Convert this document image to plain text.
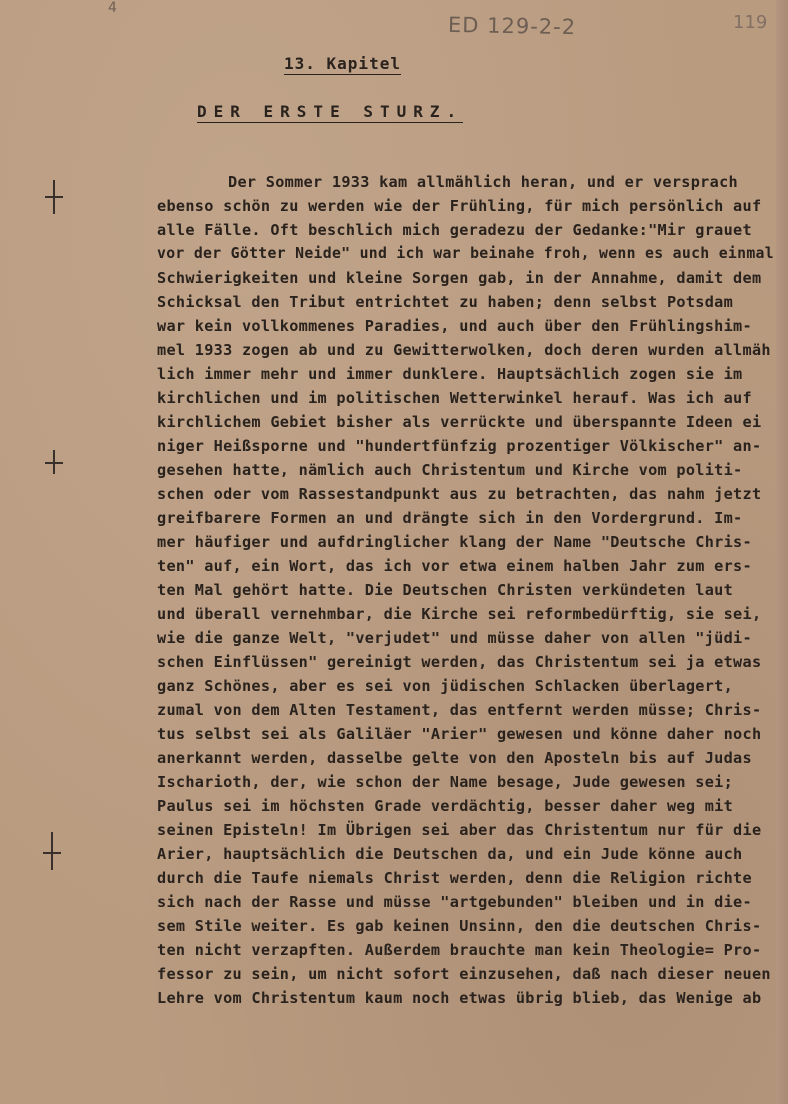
4
ED 129-2-2	119
13. Kapitel
DER ERSTE STURZ.
Der Sommer 1933 kam allmählich heran, und er versprach
ebenso schön zu werden wie der Frühling, für mich persönlich auf
alle Fälle. Oft beschlich mich geradezu der Gedanke:"Mir grauet
vor der Götter Neide" und ich war beinahe froh, wenn es auch einmal
Schwierigkeiten und kleine Sorgen gab, in der Annahme, damit dem
Schicksal den Tribut entrichtet zu haben; denn selbst Potsdam
war kein vollkommenes Paradies, und auch über den Frühlingshim-
mel 1933 zogen ab und zu Gewitterwolken, doch deren wurden allmäh
lich immer mehr und immer dunklere. Hauptsächlich zogen sie im
kirchlichen und im politischen Wetterwinkel herauf. Was ich auf
kirchlichem Gebiet bisher als verrückte und überspannte Ideen ei
niger Heißsporne und "hundertfünfzig prozentiger Völkischer" an-
gesehen hatte, nämlich auch Christentum und Kirche vom politi-
schen oder vom Rassestandpunkt aus zu betrachten, das nahm jetzt
greifbarere Formen an und drängte sich in den Vordergrund. Im-
mer häufiger und aufdringlicher klang der Name "Deutsche Chris-
ten" auf, ein Wort, das ich vor etwa einem halben Jahr zum ers-
ten Mal gehört hatte. Die Deutschen Christen verkündeten laut
und überall vernehmbar, die Kirche sei reformbedürftig, sie sei,
wie die ganze Welt, "verjudet" und müsse daher von allen "jüdi-
schen Einflüssen" gereinigt werden, das Christentum sei ja etwas
ganz Schönes, aber es sei von jüdischen Schlacken überlagert,
zumal von dem Alten Testament, das entfernt werden müsse; Chris-
tus selbst sei als Galiläer "Arier" gewesen und könne daher noch
anerkannt werden, dasselbe gelte von den Aposteln bis auf Judas
Ischarioth, der, wie schon der Name besage, Jude gewesen sei;
Paulus sei im höchsten Grade verdächtig, besser daher weg mit
seinen Episteln! Im Übrigen sei aber das Christentum nur für die
Arier, hauptsächlich die Deutschen da, und ein Jude könne auch
durch die Taufe niemals Christ werden, denn die Religion richte
sich nach der Rasse und müsse "artgebunden" bleiben und in die-
sem Stile weiter. Es gab keinen Unsinn, den die deutschen Chris-
ten nicht verzapften. Außerdem brauchte man kein Theologie= Pro-
fessor zu sein, um nicht sofort einzusehen, daß nach dieser neuen
Lehre vom Christentum kaum noch etwas übrig blieb, das Wenige ab
